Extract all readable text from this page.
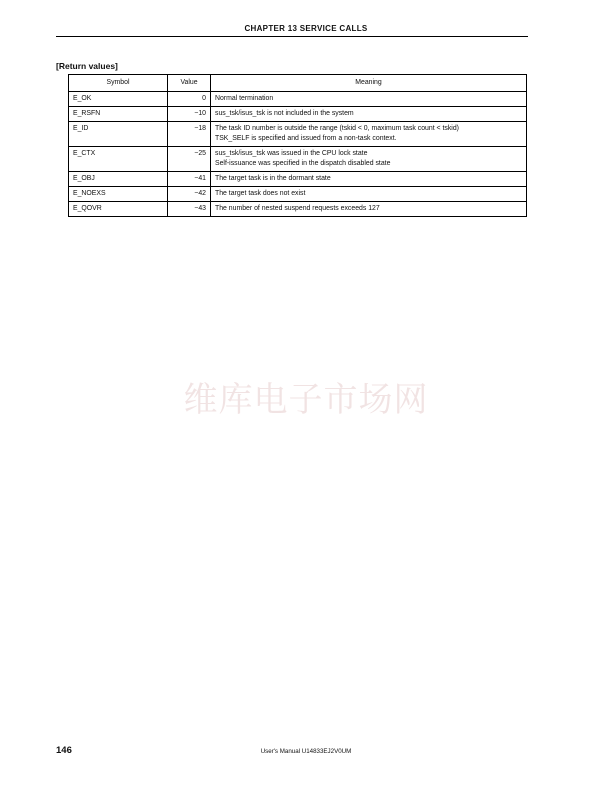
CHAPTER 13 SERVICE CALLS
[Return values]
Symbol	Value	Meaning
E_OK	0	Normal termination

E_RSFN	−10	sus_tsk/isus_tsk is not included in the system

E_ID	−18	The task ID number is outside the range (tskid < 0, maximum task count < tskid)
TSK_SELF is specified and issued from a non-task context.

E_CTX	−25	sus_tsk/isus_tsk was issued in the CPU lock state
Self-issuance was specified in the dispatch disabled state

E_OBJ	−41	The target task is in the dormant state

E_NOEXS	−42	The target task does not exist

E_QOVR	−43	The number of nested suspend requests exceeds 127
维库电子市场网
146	User's Manual U14833EJ2V0UM
